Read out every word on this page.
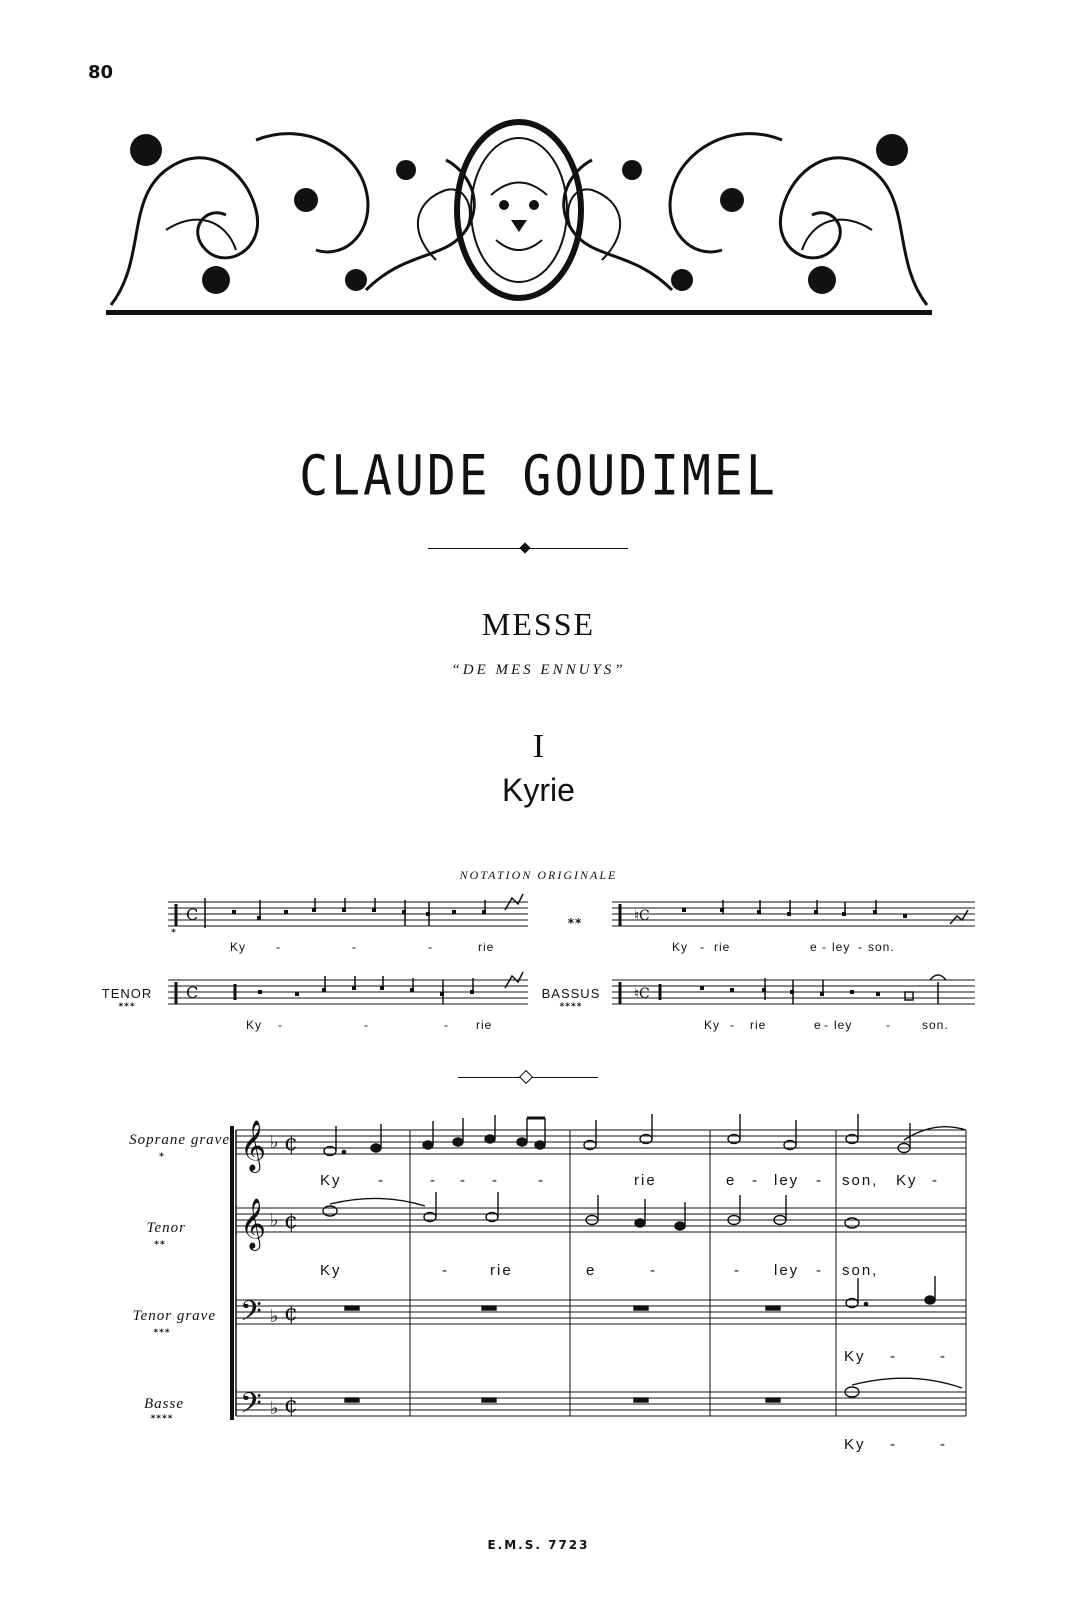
80
CLAUDE GOUDIMEL
MESSE
“DE MES ENNUYS”
I
Kyrie
NOTATION ORIGINALE
C	♮C
C	♮C
*
**
TENOR
***
BASSUS
****
Ky -	-	-	rie	Ky - rie	e - ley - son.
Ky -	-	- rie	Ky - rie	e - ley	-	son.
𝄞
𝄞
𝄢
𝄢
♭
♭
♭
♭
¢
¢
¢
¢
Soprane grave
*
Tenor
**
Tenor grave
***
Basse
****
Ky -	- - -	-	rie	e - ley - son, Ky -
Ky	-	rie	e	-	- ley - son,
Ky -	-
Ky -	-
E.M.S. 7723
